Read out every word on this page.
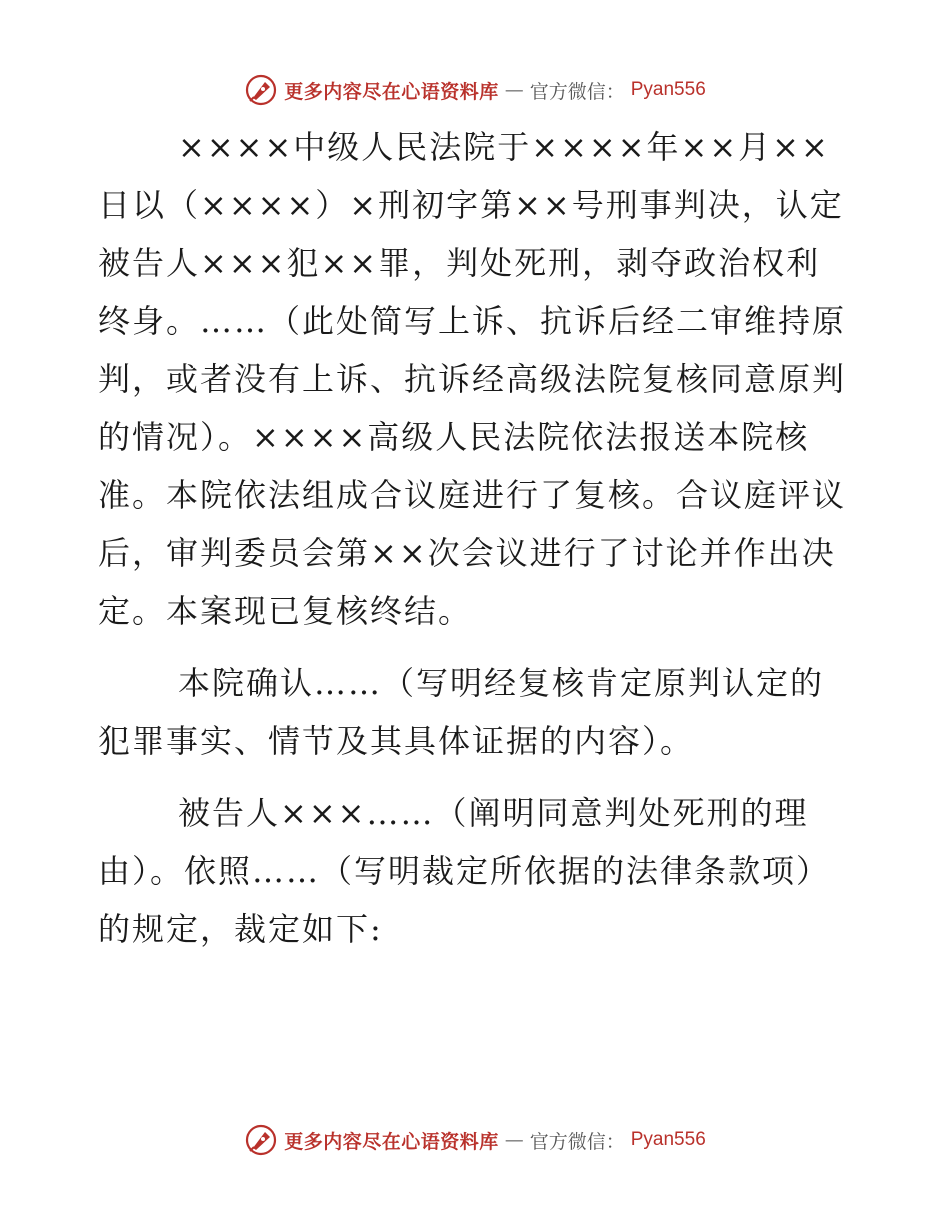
更多内容尽在心语资料库 — 官方微信： Pyan556

××××中级人民法院于××××年××月××日以（××××）×刑初字第××号刑事判决，认定被告人×××犯××罪，判处死刑，剥夺政治权利终身。……（此处简写上诉、抗诉后经二审维持原判，或者没有上诉、抗诉经高级法院复核同意原判的情况）。××××高级人民法院依法报送本院核准。本院依法组成合议庭进行了复核。合议庭评议后，审判委员会第××次会议进行了讨论并作出决定。本案现已复核终结。

本院确认……（写明经复核肯定原判认定的犯罪事实、情节及其具体证据的内容）。

被告人×××……（阐明同意判处死刑的理由）。依照……（写明裁定所依据的法律条款项）的规定，裁定如下:

更多内容尽在心语资料库 — 官方微信： Pyan556
